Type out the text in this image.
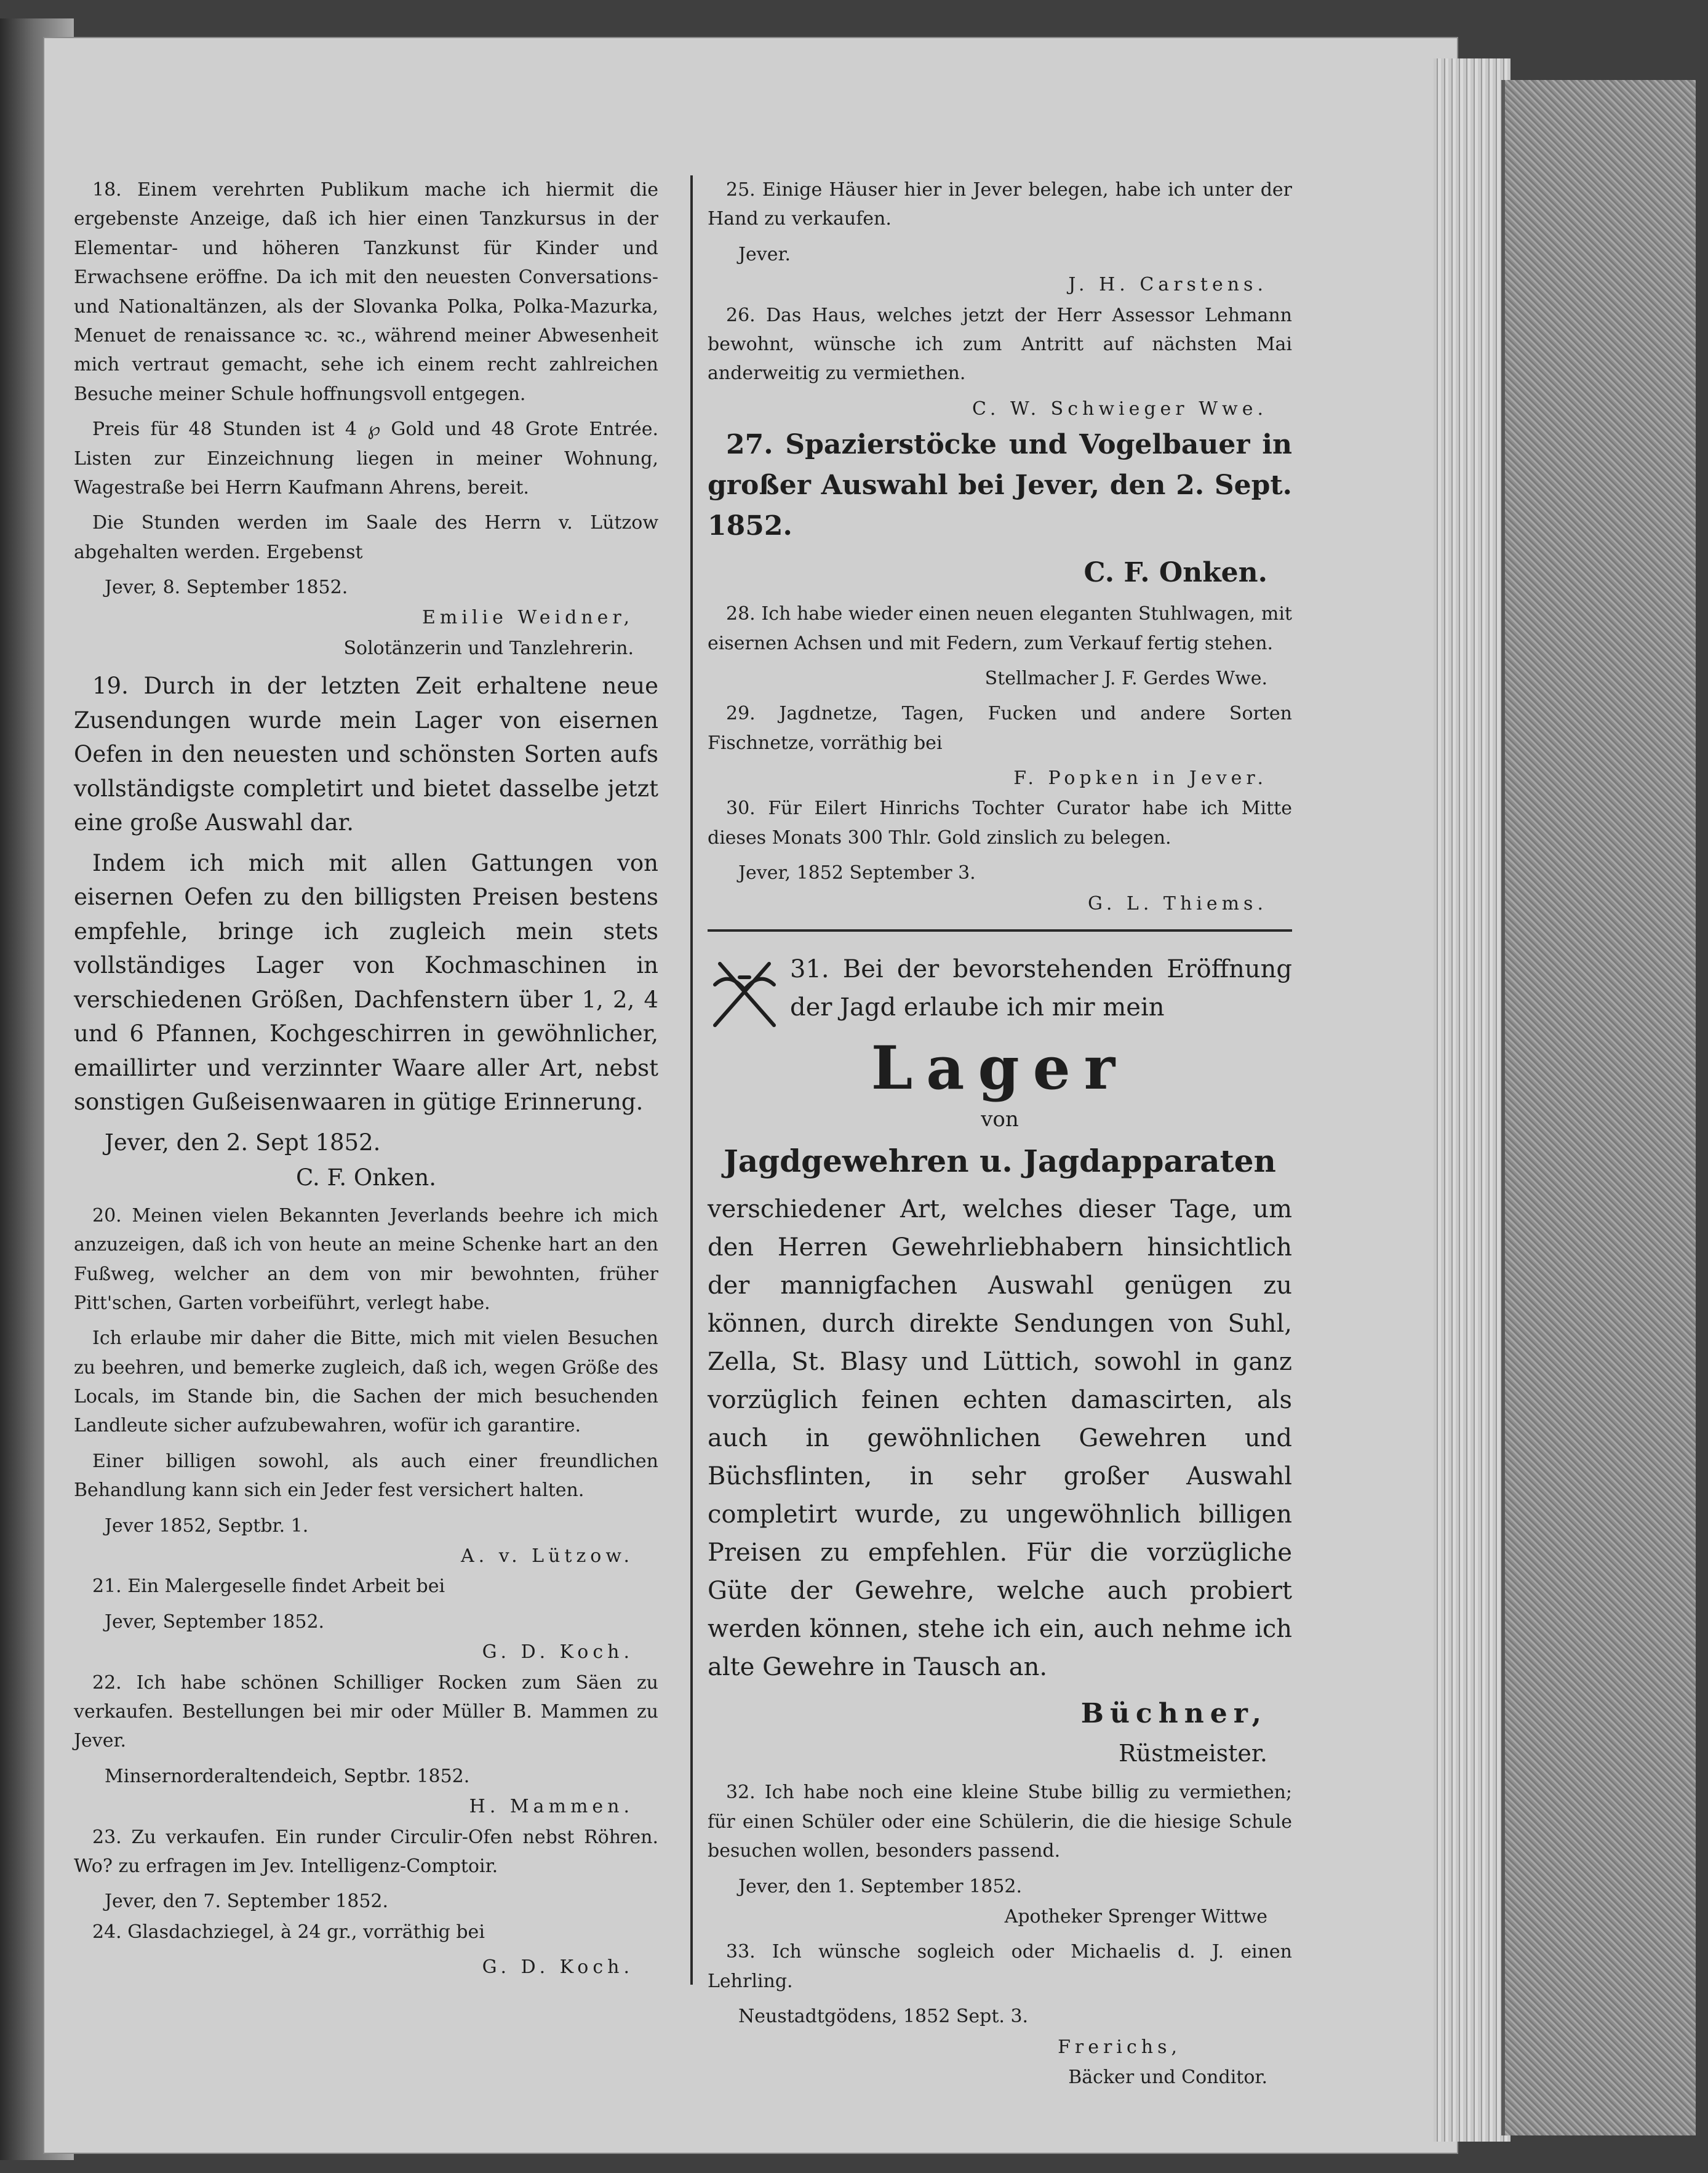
18. Einem verehrten Publikum mache ich hiermit die ergebenste Anzeige, daß ich hier einen Tanzkursus in der Elementar- und höheren Tanzkunst für Kinder und Erwachsene eröffne. Da ich mit den neuesten Conversations- und Nationaltänzen, als der Slovanka Polka, Polka-Mazurka, Menuet de renaissance ꝛc. ꝛc., während meiner Abwesenheit mich vertraut gemacht, sehe ich einem recht zahlreichen Besuche meiner Schule hoffnungsvoll entgegen.

Preis für 48 Stunden ist 4 ℘ Gold und 48 Grote Entrée. Listen zur Einzeichnung liegen in meiner Wohnung, Wagestraße bei Herrn Kaufmann Ahrens, bereit.

Die Stunden werden im Saale des Herrn v. Lützow abgehalten werden. Ergebenst

Jever, 8. September 1852.

Emilie Weidner,

Solotänzerin und Tanzlehrerin.

19. Durch in der letzten Zeit erhaltene neue Zusendungen wurde mein Lager von eisernen Oefen in den neuesten und schönsten Sorten aufs vollständigste completirt und bietet dasselbe jetzt eine große Auswahl dar.

Indem ich mich mit allen Gattungen von eisernen Oefen zu den billigsten Preisen bestens empfehle, bringe ich zugleich mein stets vollständiges Lager von Kochmaschinen in verschiedenen Größen, Dachfenstern über 1, 2, 4 und 6 Pfannen, Kochgeschirren in gewöhnlicher, emaillirter und verzinnter Waare aller Art, nebst sonstigen Gußeisenwaaren in gütige Erinnerung.

Jever, den 2. Sept 1852.

C. F. Onken.

20. Meinen vielen Bekannten Jeverlands beehre ich mich anzuzeigen, daß ich von heute an meine Schenke hart an den Fußweg, welcher an dem von mir bewohnten, früher Pitt'schen, Garten vorbeiführt, verlegt habe.

Ich erlaube mir daher die Bitte, mich mit vielen Besuchen zu beehren, und bemerke zugleich, daß ich, wegen Größe des Locals, im Stande bin, die Sachen der mich besuchenden Landleute sicher aufzubewahren, wofür ich garantire.

Einer billigen sowohl, als auch einer freundlichen Behandlung kann sich ein Jeder fest versichert halten.

Jever 1852, Septbr. 1.

A. v. Lützow.

21. Ein Malergeselle findet Arbeit bei

Jever, September 1852.

G. D. Koch.

22. Ich habe schönen Schilliger Rocken zum Säen zu verkaufen. Bestellungen bei mir oder Müller B. Mammen zu Jever.

Minsernorderaltendeich, Septbr. 1852.

H. Mammen.

23. Zu verkaufen. Ein runder Circulir-Ofen nebst Röhren. Wo? zu erfragen im Jev. Intelligenz-Comptoir.

Jever, den 7. September 1852.

24. Glasdachziegel, à 24 gr., vorräthig bei

G. D. Koch.

25. Einige Häuser hier in Jever belegen, habe ich unter der Hand zu verkaufen.

Jever.

J. H. Carstens.

26. Das Haus, welches jetzt der Herr Assessor Lehmann bewohnt, wünsche ich zum Antritt auf nächsten Mai anderweitig zu vermiethen.

C. W. Schwieger Wwe.

27. Spazierstöcke und Vogelbauer in großer Auswahl bei Jever, den 2. Sept. 1852.

C. F. Onken.

28. Ich habe wieder einen neuen eleganten Stuhlwagen, mit eisernen Achsen und mit Federn, zum Verkauf fertig stehen.

Stellmacher J. F. Gerdes Wwe.

29. Jagdnetze, Tagen, Fucken und andere Sorten Fischnetze, vorräthig bei

F. Popken in Jever.

30. Für Eilert Hinrichs Tochter Curator habe ich Mitte dieses Monats 300 Thlr. Gold zinslich zu belegen.

Jever, 1852 September 3.

G. L. Thiems.

31. Bei der bevorstehenden Eröffnung der Jagd erlaube ich mir mein

Lager

von

Jagdgewehren u. Jagdapparaten

verschiedener Art, welches dieser Tage, um den Herren Gewehrliebhabern hinsichtlich der mannigfachen Auswahl genügen zu können, durch direkte Sendungen von Suhl, Zella, St. Blasy und Lüttich, sowohl in ganz vorzüglich feinen echten damascirten, als auch in gewöhnlichen Gewehren und Büchsflinten, in sehr großer Auswahl completirt wurde, zu ungewöhnlich billigen Preisen zu empfehlen. Für die vorzügliche Güte der Gewehre, welche auch probiert werden können, stehe ich ein, auch nehme ich alte Gewehre in Tausch an.

Büchner,

Rüstmeister.

32. Ich habe noch eine kleine Stube billig zu vermiethen; für einen Schüler oder eine Schülerin, die die hiesige Schule besuchen wollen, besonders passend.

Jever, den 1. September 1852.

Apotheker Sprenger Wittwe

33. Ich wünsche sogleich oder Michaelis d. J. einen Lehrling.

Neustadtgödens, 1852 Sept. 3.

Frerichs,

Bäcker und Conditor.
